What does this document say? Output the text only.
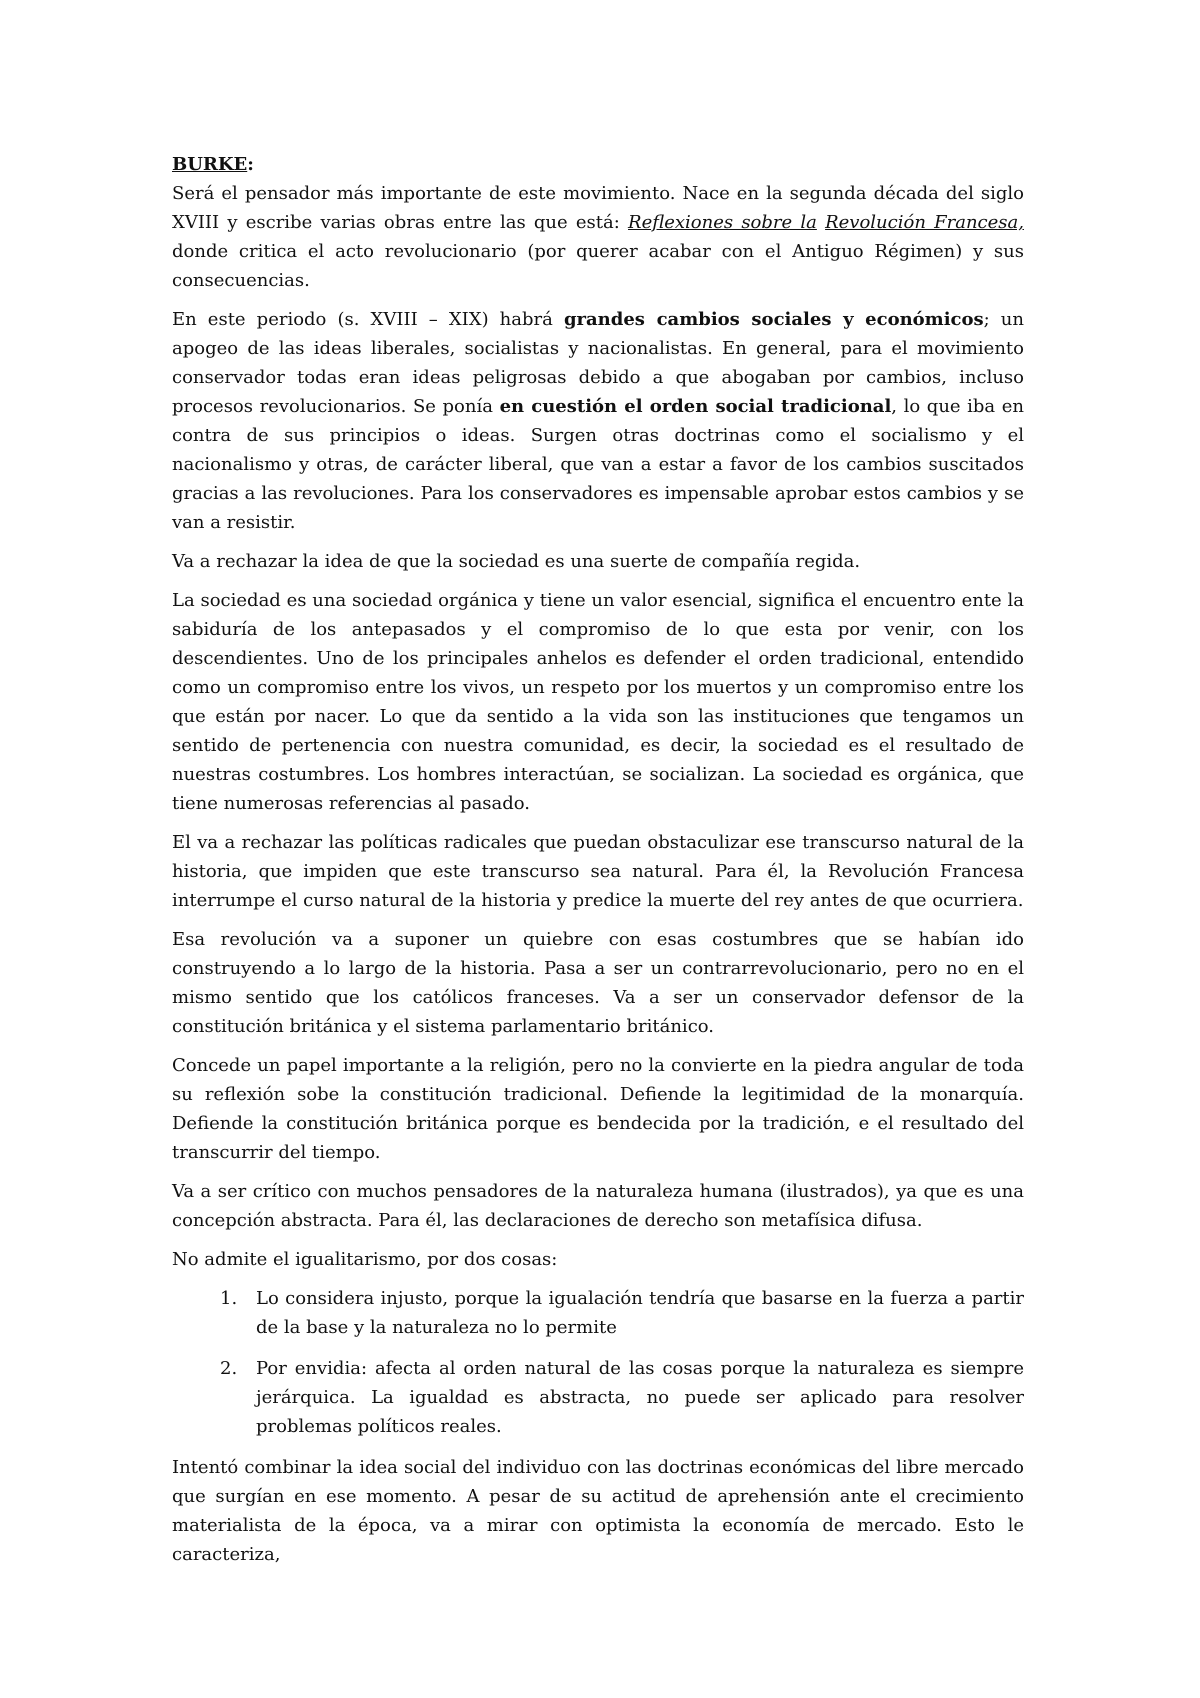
BURKE:

Será el pensador más importante de este movimiento. Nace en la segunda década del siglo XVIII y escribe varias obras entre las que está: Reflexiones sobre la Revolución Francesa, donde critica el acto revolucionario (por querer acabar con el Antiguo Régimen) y sus consecuencias.

En este periodo (s. XVIII – XIX) habrá grandes cambios sociales y económicos; un apogeo de las ideas liberales, socialistas y nacionalistas. En general, para el movimiento conservador todas eran ideas peligrosas debido a que abogaban por cambios, incluso procesos revolucionarios. Se ponía en cuestión el orden social tradicional, lo que iba en contra de sus principios o ideas. Surgen otras doctrinas como el socialismo y el nacionalismo y otras, de carácter liberal, que van a estar a favor de los cambios suscitados gracias a las revoluciones. Para los conservadores es impensable aprobar estos cambios y se van a resistir.

Va a rechazar la idea de que la sociedad es una suerte de compañía regida.

La sociedad es una sociedad orgánica y tiene un valor esencial, significa el encuentro ente la sabiduría de los antepasados y el compromiso de lo que esta por venir, con los descendientes. Uno de los principales anhelos es defender el orden tradicional, entendido como un compromiso entre los vivos, un respeto por los muertos y un compromiso entre los que están por nacer. Lo que da sentido a la vida son las instituciones que tengamos un sentido de pertenencia con nuestra comunidad, es decir, la sociedad es el resultado de nuestras costumbres. Los hombres interactúan, se socializan. La sociedad es orgánica, que tiene numerosas referencias al pasado.

El va a rechazar las políticas radicales que puedan obstaculizar ese transcurso natural de la historia, que impiden que este transcurso sea natural. Para él, la Revolución Francesa interrumpe el curso natural de la historia y predice la muerte del rey antes de que ocurriera.

Esa revolución va a suponer un quiebre con esas costumbres que se habían ido construyendo a lo largo de la historia. Pasa a ser un contrarrevolucionario, pero no en el mismo sentido que los católicos franceses. Va a ser un conservador defensor de la constitución británica y el sistema parlamentario británico.

Concede un papel importante a la religión, pero no la convierte en la piedra angular de toda su reflexión sobe la constitución tradicional. Defiende la legitimidad de la monarquía. Defiende la constitución británica porque es bendecida por la tradición, e el resultado del transcurrir del tiempo.

Va a ser crítico con muchos pensadores de la naturaleza humana (ilustrados), ya que es una concepción abstracta. Para él, las declaraciones de derecho son metafísica difusa.

No admite el igualitarismo, por dos cosas:

1. Lo considera injusto, porque la igualación tendría que basarse en la fuerza a partir de la base y la naturaleza no lo permite
2. Por envidia: afecta al orden natural de las cosas porque la naturaleza es siempre jerárquica. La igualdad es abstracta, no puede ser aplicado para resolver problemas políticos reales.

Intentó combinar la idea social del individuo con las doctrinas económicas del libre mercado que surgían en ese momento. A pesar de su actitud de aprehensión ante el crecimiento materialista de la época, va a mirar con optimista la economía de mercado. Esto le caracteriza,
